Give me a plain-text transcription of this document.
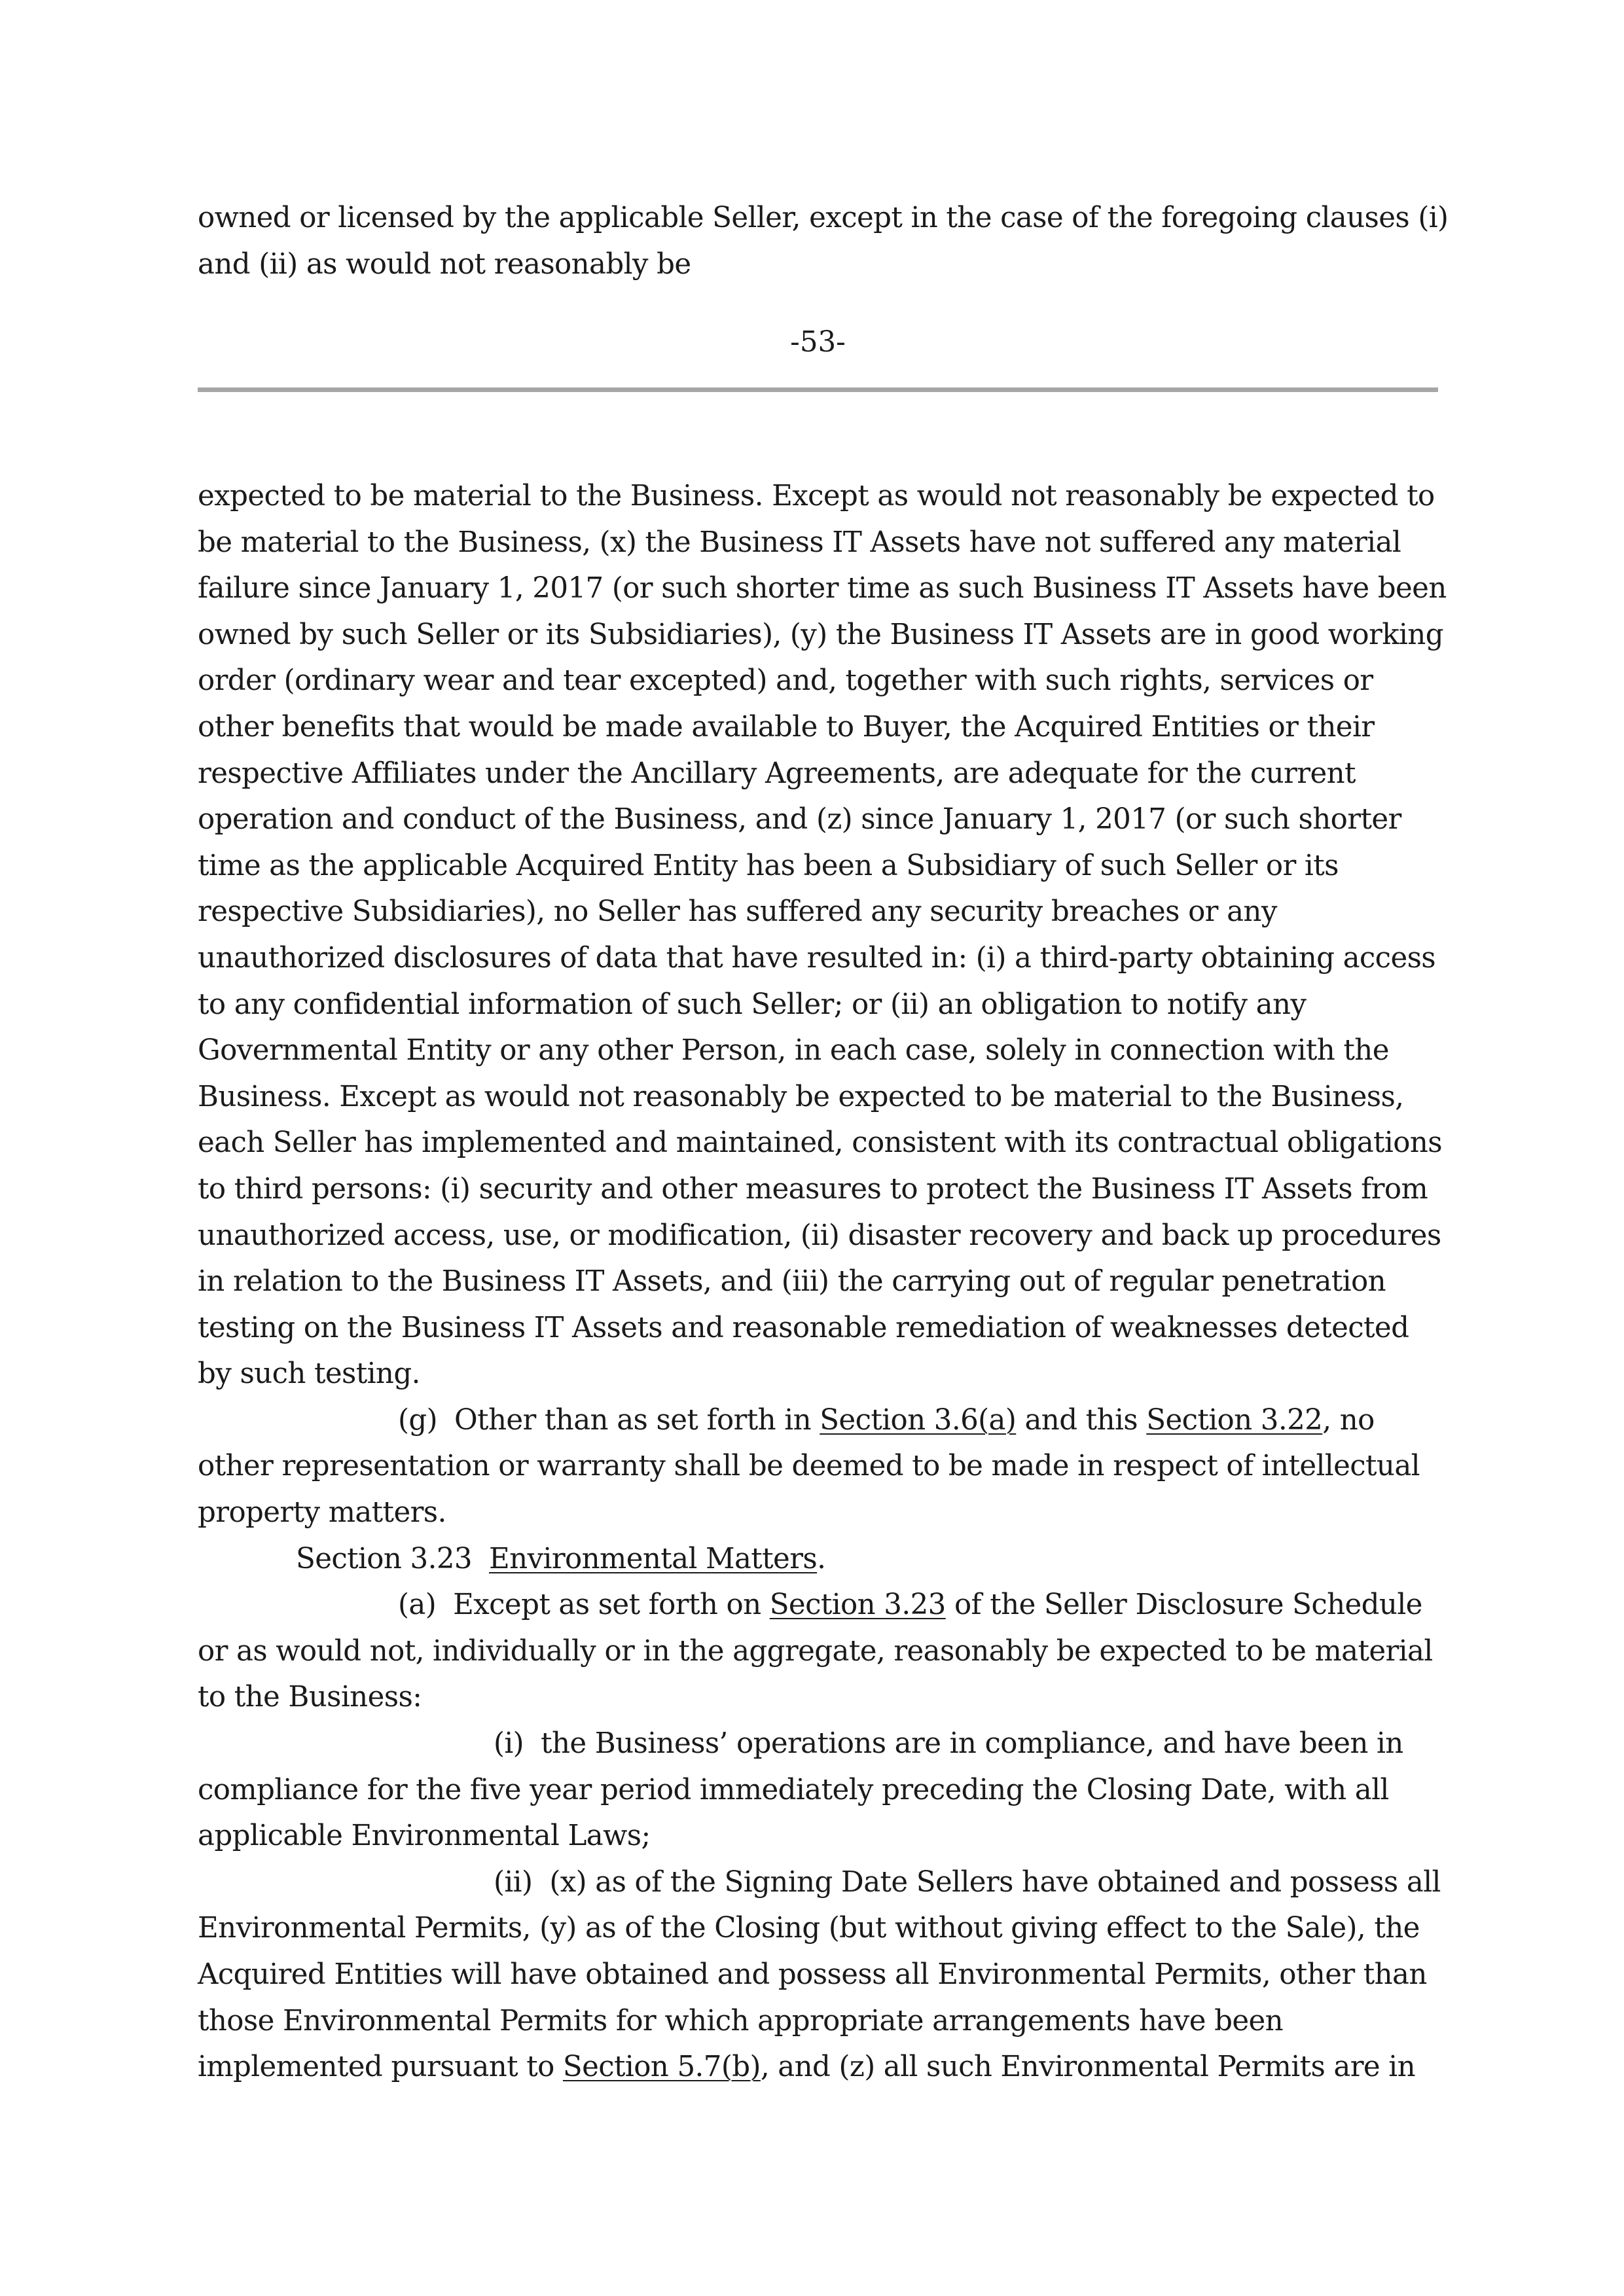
owned or licensed by the applicable Seller, except in the case of the foregoing clauses (i)
and (ii) as would not reasonably be
-53-
expected to be material to the Business. Except as would not reasonably be expected to
be material to the Business, (x) the Business IT Assets have not suffered any material
failure since January 1, 2017 (or such shorter time as such Business IT Assets have been
owned by such Seller or its Subsidiaries), (y) the Business IT Assets are in good working
order (ordinary wear and tear excepted) and, together with such rights, services or
other benefits that would be made available to Buyer, the Acquired Entities or their
respective Affiliates under the Ancillary Agreements, are adequate for the current
operation and conduct of the Business, and (z) since January 1, 2017 (or such shorter
time as the applicable Acquired Entity has been a Subsidiary of such Seller or its
respective Subsidiaries), no Seller has suffered any security breaches or any
unauthorized disclosures of data that have resulted in: (i) a third-party obtaining access
to any confidential information of such Seller; or (ii) an obligation to notify any
Governmental Entity or any other Person, in each case, solely in connection with the
Business. Except as would not reasonably be expected to be material to the Business,
each Seller has implemented and maintained, consistent with its contractual obligations
to third persons: (i) security and other measures to protect the Business IT Assets from
unauthorized access, use, or modification, (ii) disaster recovery and back up procedures
in relation to the Business IT Assets, and (iii) the carrying out of regular penetration
testing on the Business IT Assets and reasonable remediation of weaknesses detected
by such testing.
(g) Other than as set forth in Section 3.6(a) and this Section 3.22, no
other representation or warranty shall be deemed to be made in respect of intellectual
property matters.
Section 3.23 Environmental Matters.
(a) Except as set forth on Section 3.23 of the Seller Disclosure Schedule
or as would not, individually or in the aggregate, reasonably be expected to be material
to the Business:
(i) the Business’ operations are in compliance, and have been in
compliance for the five year period immediately preceding the Closing Date, with all
applicable Environmental Laws;
(ii) (x) as of the Signing Date Sellers have obtained and possess all
Environmental Permits, (y) as of the Closing (but without giving effect to the Sale), the
Acquired Entities will have obtained and possess all Environmental Permits, other than
those Environmental Permits for which appropriate arrangements have been
implemented pursuant to Section 5.7(b), and (z) all such Environmental Permits are in
